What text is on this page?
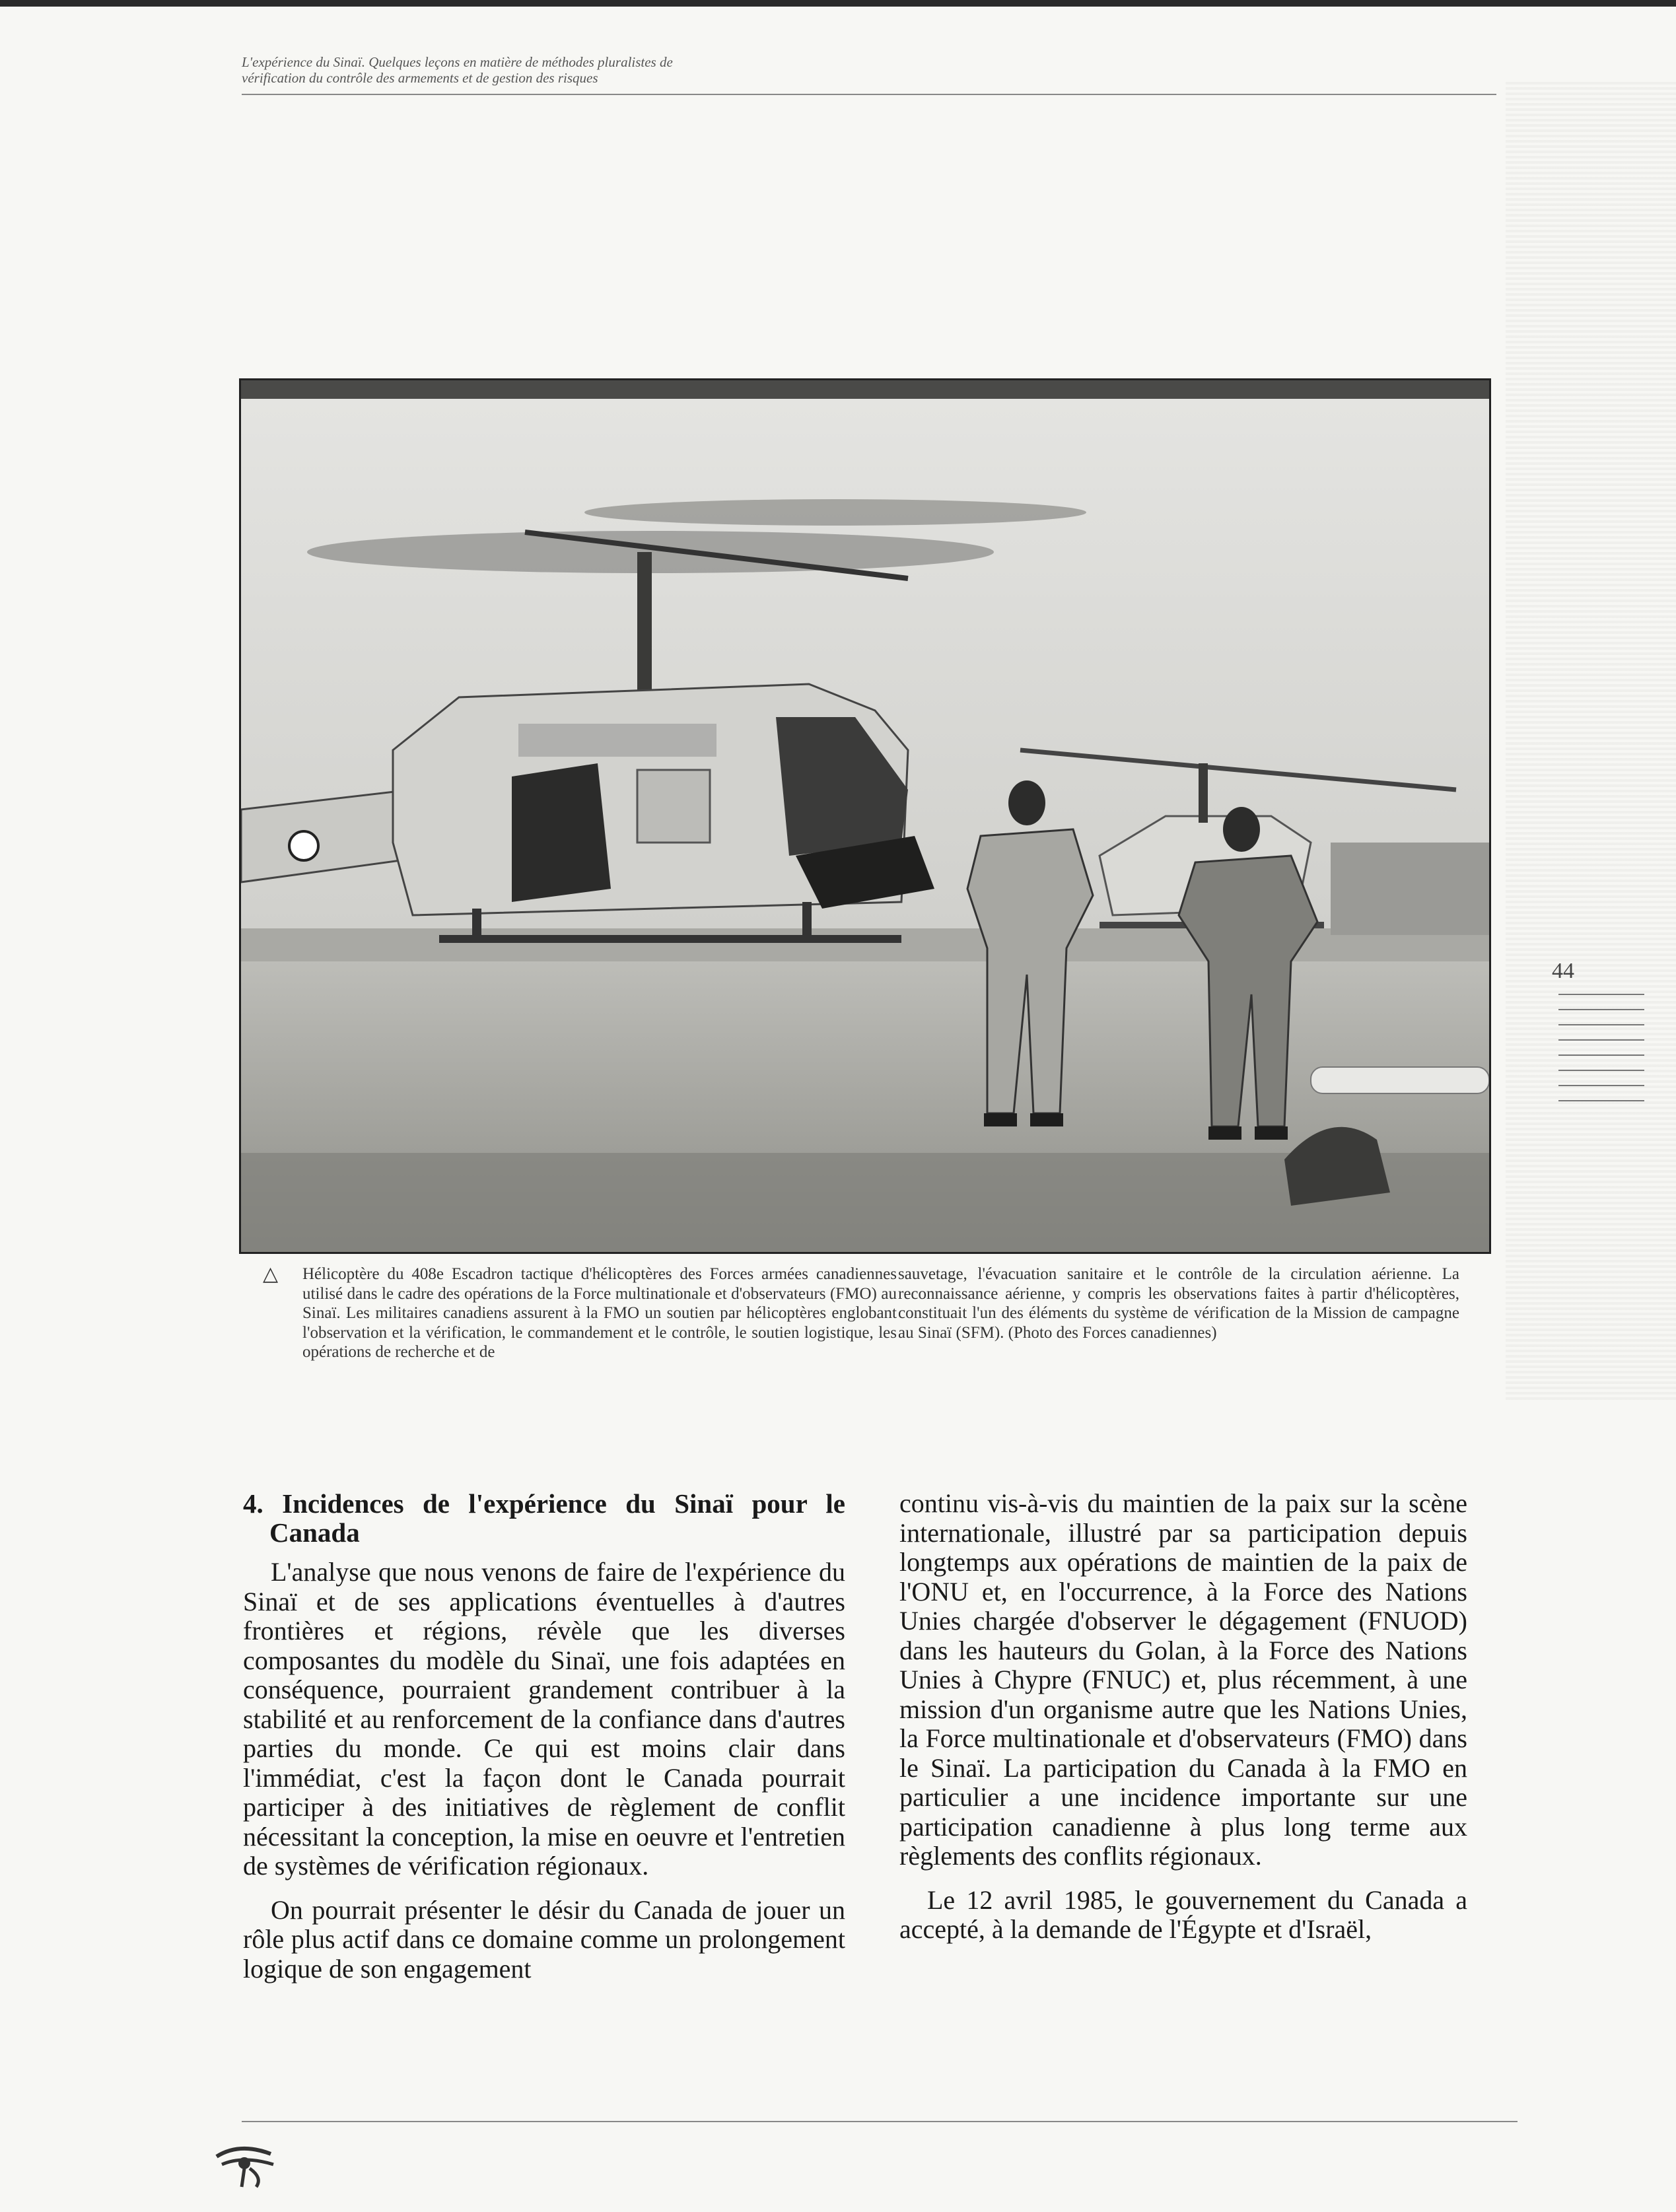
L'expérience du Sinaï. Quelques leçons en matière de méthodes pluralistes de
vérification du contrôle des armements et de gestion des risques
△ Hélicoptère du 408e Escadron tactique d'hélicoptères des Forces armées canadiennes utilisé dans le cadre des opérations de la Force multinationale et d'observateurs (FMO) au Sinaï. Les militaires canadiens assurent à la FMO un soutien par hélicoptères englobant l'observation et la vérification, le commandement et le contrôle, le soutien logistique, les opérations de recherche et de
sauvetage, l'évacuation sanitaire et le contrôle de la circulation aérienne. La reconnaissance aérienne, y compris les observations faites à partir d'hélicoptères, constituait l'un des éléments du système de vérification de la Mission de campagne au Sinaï (SFM). (Photo des Forces canadiennes)
44
4. Incidences de l'expérience du Sinaï pour le Canada

L'analyse que nous venons de faire de l'expérience du Sinaï et de ses applications éventuelles à d'autres frontières et régions, révèle que les diverses composantes du modèle du Sinaï, une fois adaptées en conséquence, pourraient grandement contribuer à la stabilité et au renforcement de la confiance dans d'autres parties du monde. Ce qui est moins clair dans l'immédiat, c'est la façon dont le Canada pourrait participer à des initiatives de règlement de conflit nécessitant la conception, la mise en oeuvre et l'entretien de systèmes de vérification régionaux.

On pourrait présenter le désir du Canada de jouer un rôle plus actif dans ce domaine comme un prolongement logique de son engagement

continu vis-à-vis du maintien de la paix sur la scène internationale, illustré par sa participation depuis longtemps aux opérations de maintien de la paix de l'ONU et, en l'occurrence, à la Force des Nations Unies chargée d'observer le dégagement (FNUOD) dans les hauteurs du Golan, à la Force des Nations Unies à Chypre (FNUC) et, plus récemment, à une mission d'un organisme autre que les Nations Unies, la Force multinationale et d'observateurs (FMO) dans le Sinaï. La participation du Canada à la FMO en particulier a une incidence importante sur une participation canadienne à plus long terme aux règlements des conflits régionaux.

Le 12 avril 1985, le gouvernement du Canada a accepté, à la demande de l'Égypte et d'Israël,
